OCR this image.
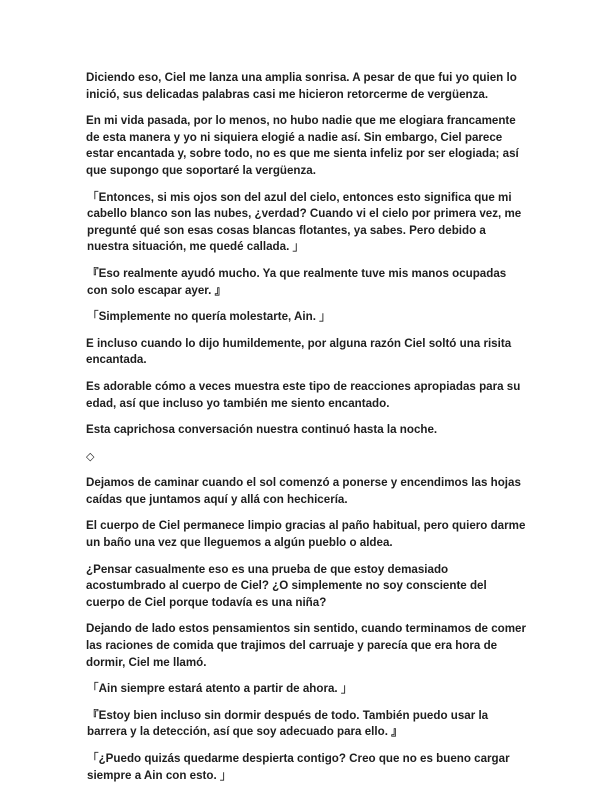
Diciendo eso, Ciel me lanza una amplia sonrisa. A pesar de que fui yo quien lo inició, sus delicadas palabras casi me hicieron retorcerme de vergüenza.

En mi vida pasada, por lo menos, no hubo nadie que me elogiara francamente de esta manera y yo ni siquiera elogié a nadie así. Sin embargo, Ciel parece estar encantada y, sobre todo, no es que me sienta infeliz por ser elogiada; así que supongo que soportaré la vergüenza.

「Entonces, si mis ojos son del azul del cielo, entonces esto significa que mi cabello blanco son las nubes, ¿verdad? Cuando vi el cielo por primera vez, me pregunté qué son esas cosas blancas flotantes, ya sabes. Pero debido a nuestra situación, me quedé callada. 」

『Eso realmente ayudó mucho. Ya que realmente tuve mis manos ocupadas con solo escapar ayer. 』

「Simplemente no quería molestarte, Ain. 」

E incluso cuando lo dijo humildemente, por alguna razón Ciel soltó una risita encantada.

Es adorable cómo a veces muestra este tipo de reacciones apropiadas para su edad, así que incluso yo también me siento encantado.

Esta caprichosa conversación nuestra continuó hasta la noche.

◇

Dejamos de caminar cuando el sol comenzó a ponerse y encendimos las hojas caídas que juntamos aquí y allá con hechicería.

El cuerpo de Ciel permanece limpio gracias al paño habitual, pero quiero darme un baño una vez que lleguemos a algún pueblo o aldea.

¿Pensar casualmente eso es una prueba de que estoy demasiado acostumbrado al cuerpo de Ciel? ¿O simplemente no soy consciente del cuerpo de Ciel porque todavía es una niña?

Dejando de lado estos pensamientos sin sentido, cuando terminamos de comer las raciones de comida que trajimos del carruaje y parecía que era hora de dormir, Ciel me llamó.

「Ain siempre estará atento a partir de ahora. 」

『Estoy bien incluso sin dormir después de todo. También puedo usar la barrera y la detección, así que soy adecuado para ello. 』

「¿Puedo quizás quedarme despierta contigo? Creo que no es bueno cargar siempre a Ain con esto. 」
